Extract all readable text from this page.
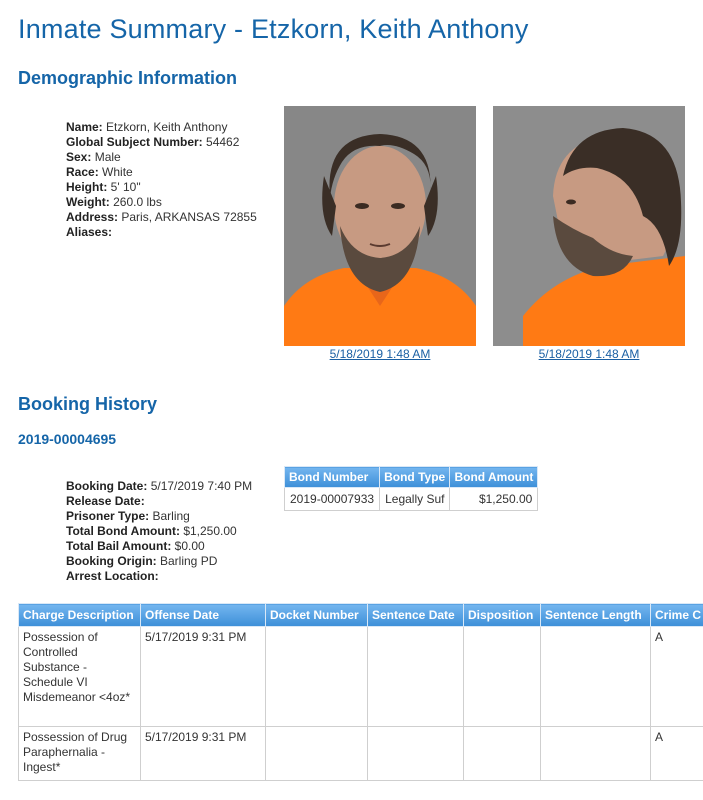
Inmate Summary - Etzkorn, Keith Anthony
Demographic Information
Name: Etzkorn, Keith Anthony
Global Subject Number: 54462
Sex: Male
Race: White
Height: 5' 10"
Weight: 260.0 lbs
Address: Paris, ARKANSAS 72855
Aliases:
5/18/2019 1:48 AM	5/18/2019 1:48 AM
Booking History
2019-00004695
Booking Date: 5/17/2019 7:40 PM
Release Date:
Prisoner Type: Barling
Total Bond Amount: $1,250.00
Total Bail Amount: $0.00
Booking Origin: Barling PD
Arrest Location:
Bond Number	Bond Type	Bond Amount
2019-00007933	Legally Suf	$1,250.00
Charge Description	Offense Date	Docket Number	Sentence Date	Disposition	Sentence Length	Crime C
Possession of Controlled Substance - Schedule VI Misdemeanor <4oz*	5/17/2019 9:31 PM					A
Possession of Drug Paraphernalia - Ingest*	5/17/2019 9:31 PM					A
